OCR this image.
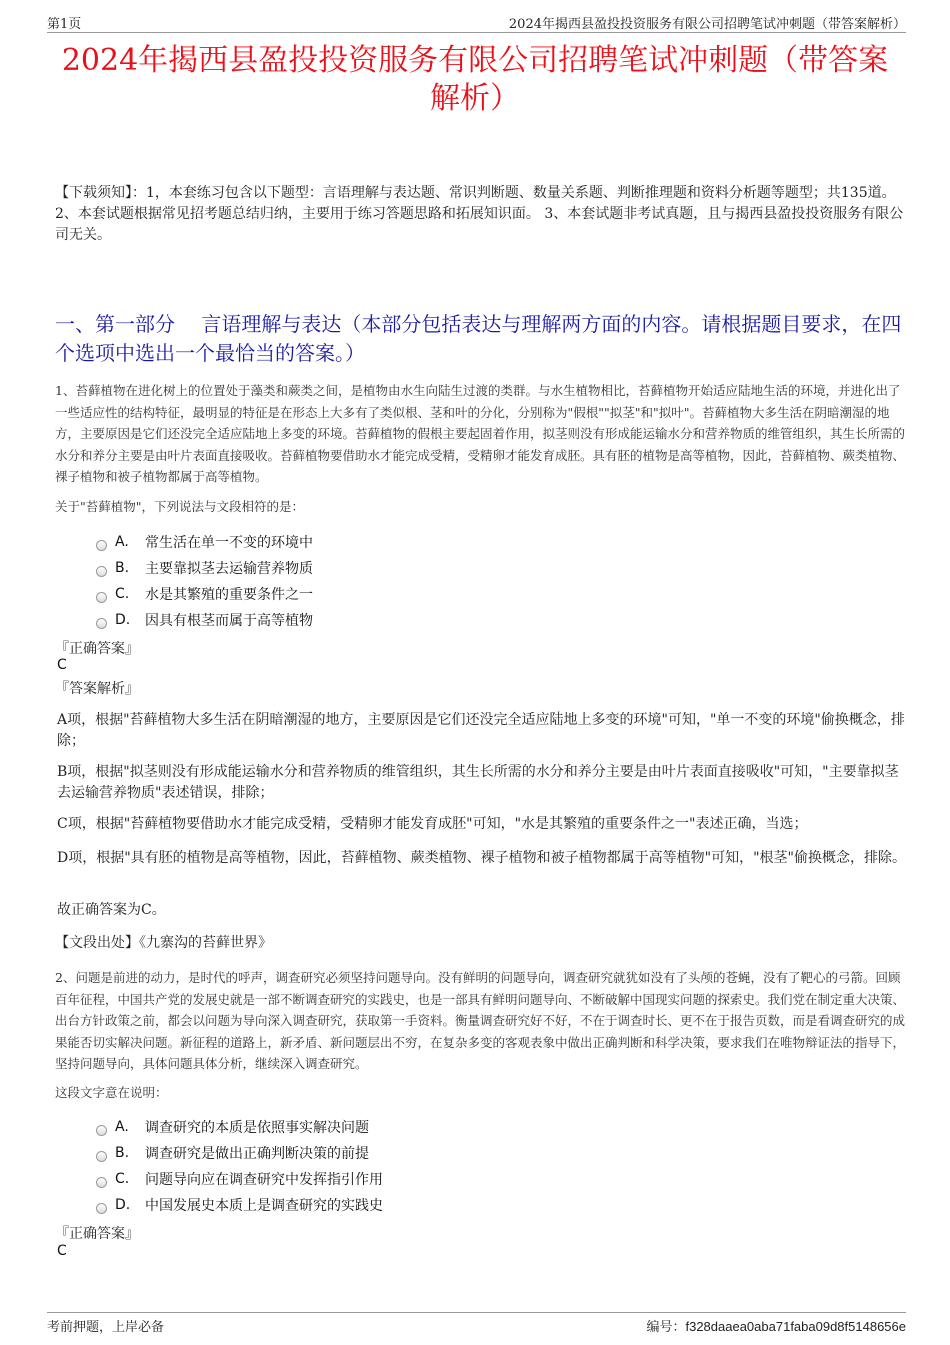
第1页	2024年揭西县盈投投资服务有限公司招聘笔试冲刺题（带答案解析）
2024年揭西县盈投投资服务有限公司招聘笔试冲刺题（带答案
解析）
【下载须知】：1，本套练习包含以下题型：言语理解与表达题、常识判断题、数量关系题、判断推理题和资料分析题等题型；共135道。 2、本套试题根据常见招考题总结归纳，主要用于练习答题思路和拓展知识面。 3、本套试题非考试真题，且与揭西县盈投投资服务有限公司无关。
一、第一部分　 言语理解与表达（本部分包括表达与理解两方面的内容。请根据题目要求，在四个选项中选出一个最恰当的答案。）
1、苔藓植物在进化树上的位置处于藻类和蕨类之间，是植物由水生向陆生过渡的类群。与水生植物相比，苔藓植物开始适应陆地生活的环境，并进化出了一些适应性的结构特征，最明显的特征是在形态上大多有了类似根、茎和叶的分化，分别称为"假根""拟茎"和"拟叶"。苔藓植物大多生活在阴暗潮湿的地方，主要原因是它们还没完全适应陆地上多变的环境。苔藓植物的假根主要起固着作用，拟茎则没有形成能运输水分和营养物质的维管组织，其生长所需的水分和养分主要是由叶片表面直接吸收。苔藓植物要借助水才能完成受精，受精卵才能发育成胚。具有胚的植物是高等植物，因此，苔藓植物、蕨类植物、裸子植物和被子植物都属于高等植物。
关于"苔藓植物"，下列说法与文段相符的是：
A.	常生活在单一不变的环境中
B.	主要靠拟茎去运输营养物质
C.	水是其繁殖的重要条件之一
D.	因具有根茎而属于高等植物
『正确答案』
C
『答案解析』
A项，根据"苔藓植物大多生活在阴暗潮湿的地方，主要原因是它们还没完全适应陆地上多变的环境"可知，"单一不变的环境"偷换概念，排除；
B项，根据"拟茎则没有形成能运输水分和营养物质的维管组织，其生长所需的水分和养分主要是由叶片表面直接吸收"可知，"主要靠拟茎去运输营养物质"表述错误，排除；
C项，根据"苔藓植物要借助水才能完成受精，受精卵才能发育成胚"可知，"水是其繁殖的重要条件之一"表述正确，当选；
D项，根据"具有胚的植物是高等植物，因此，苔藓植物、蕨类植物、裸子植物和被子植物都属于高等植物"可知，"根茎"偷换概念，排除。
故正确答案为C。
【文段出处】《九寨沟的苔藓世界》
2、问题是前进的动力，是时代的呼声，调查研究必须坚持问题导向。没有鲜明的问题导向，调查研究就犹如没有了头颅的苍蝇，没有了靶心的弓箭。回顾百年征程，中国共产党的发展史就是一部不断调查研究的实践史，也是一部具有鲜明问题导向、不断破解中国现实问题的探索史。我们党在制定重大决策、出台方针政策之前，都会以问题为导向深入调查研究，获取第一手资料。衡量调查研究好不好，不在于调查时长、更不在于报告页数，而是看调查研究的成果能否切实解决问题。新征程的道路上，新矛盾、新问题层出不穷，在复杂多变的客观表象中做出正确判断和科学决策，要求我们在唯物辩证法的指导下，坚持问题导向，具体问题具体分析，继续深入调查研究。
这段文字意在说明：
A.	调查研究的本质是依照事实解决问题
B.	调查研究是做出正确判断决策的前提
C.	问题导向应在调查研究中发挥指引作用
D.	中国发展史本质上是调查研究的实践史
『正确答案』
C
考前押题，上岸必备	编号：f328daaea0aba71faba09d8f5148656e
